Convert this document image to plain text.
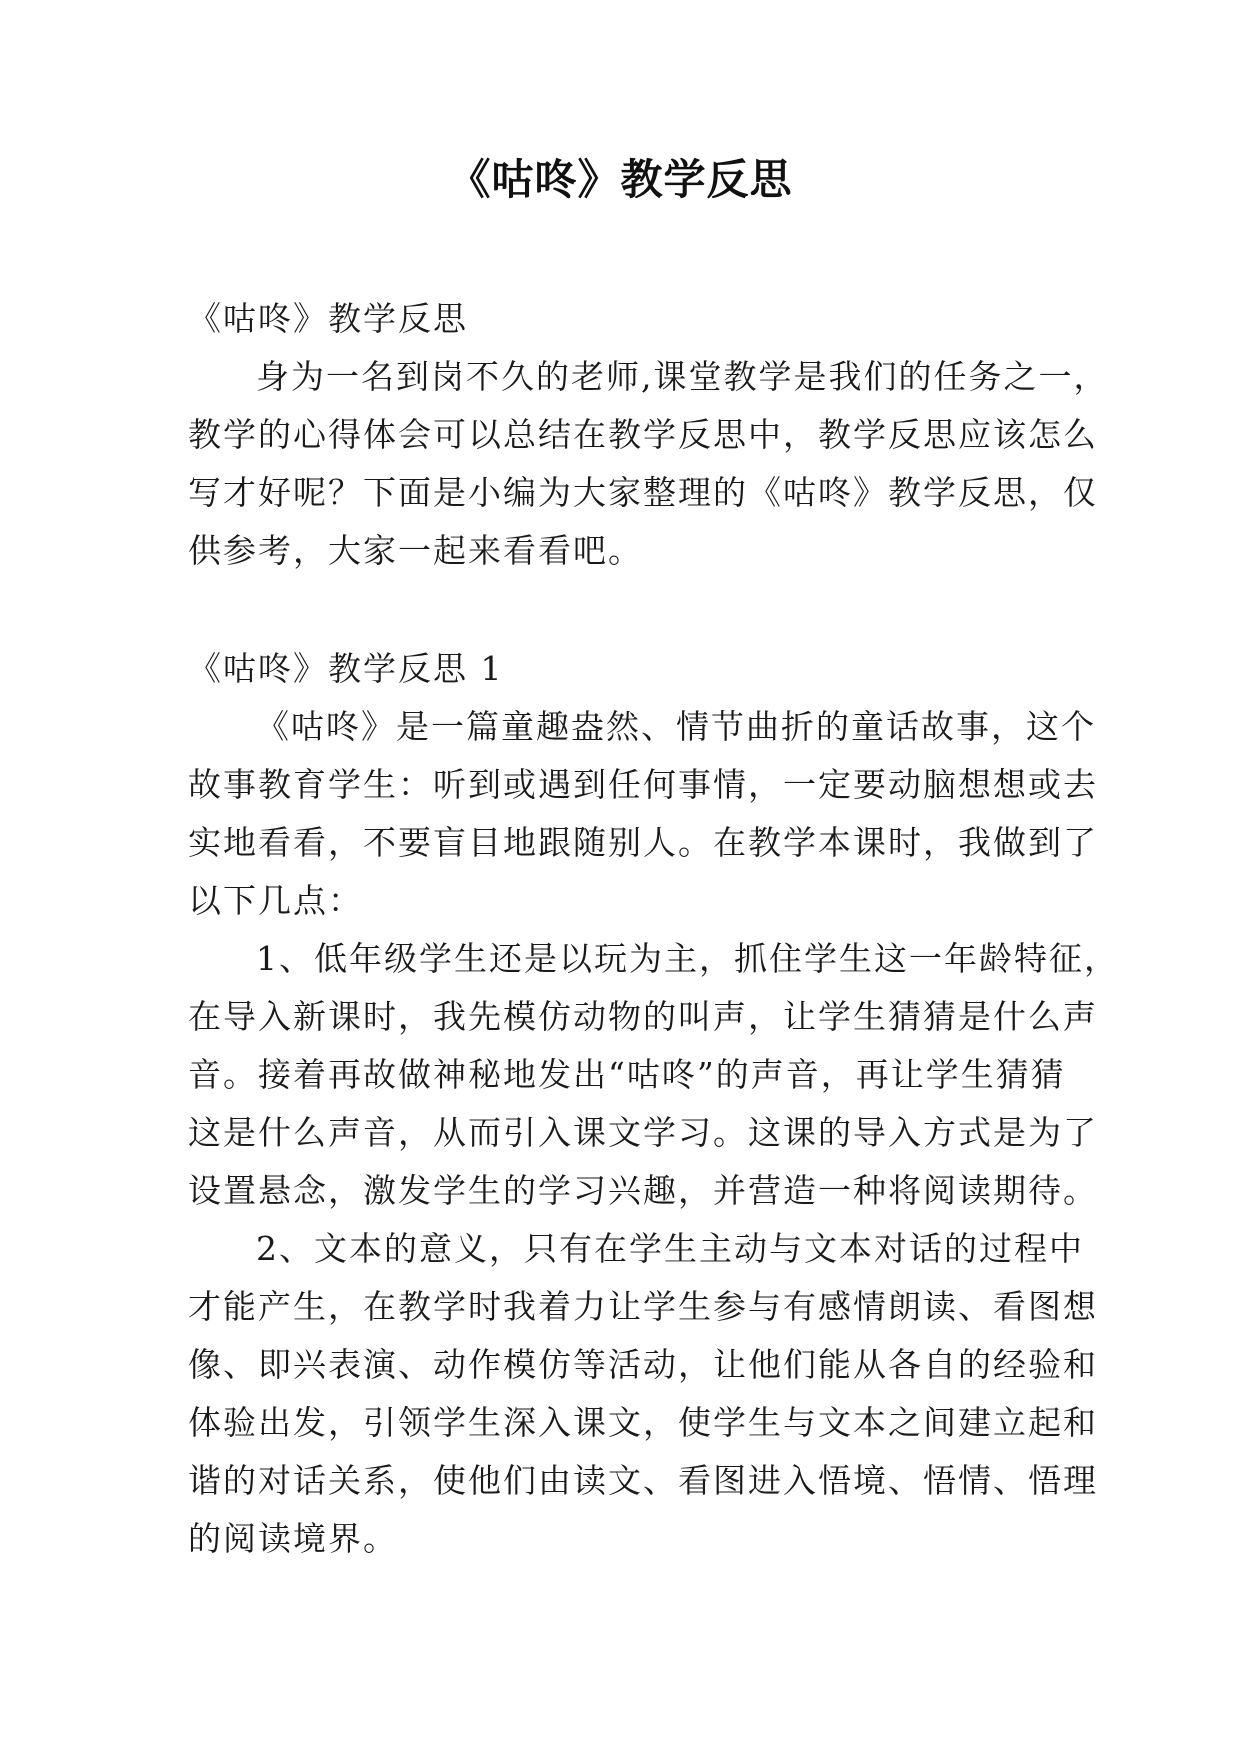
《咕咚》教学反思

《咕咚》教学反思

身为一名到岗不久的老师,课堂教学是我们的任务之一，

教学的心得体会可以总结在教学反思中，教学反思应该怎么

写才好呢？下面是小编为大家整理的《咕咚》教学反思，仅

供参考，大家一起来看看吧。

《咕咚》教学反思 1

《咕咚》是一篇童趣盎然、情节曲折的童话故事，这个

故事教育学生：听到或遇到任何事情，一定要动脑想想或去

实地看看，不要盲目地跟随别人。在教学本课时，我做到了

以下几点：

1、低年级学生还是以玩为主，抓住学生这一年龄特征，

在导入新课时，我先模仿动物的叫声，让学生猜猜是什么声

音。接着再故做神秘地发出“咕咚”的声音，再让学生猜猜

这是什么声音，从而引入课文学习。这课的导入方式是为了

设置悬念，激发学生的学习兴趣，并营造一种将阅读期待。

2、文本的意义，只有在学生主动与文本对话的过程中

才能产生，在教学时我着力让学生参与有感情朗读、看图想

像、即兴表演、动作模仿等活动，让他们能从各自的经验和

体验出发，引领学生深入课文，使学生与文本之间建立起和

谐的对话关系，使他们由读文、看图进入悟境、悟情、悟理

的阅读境界。
